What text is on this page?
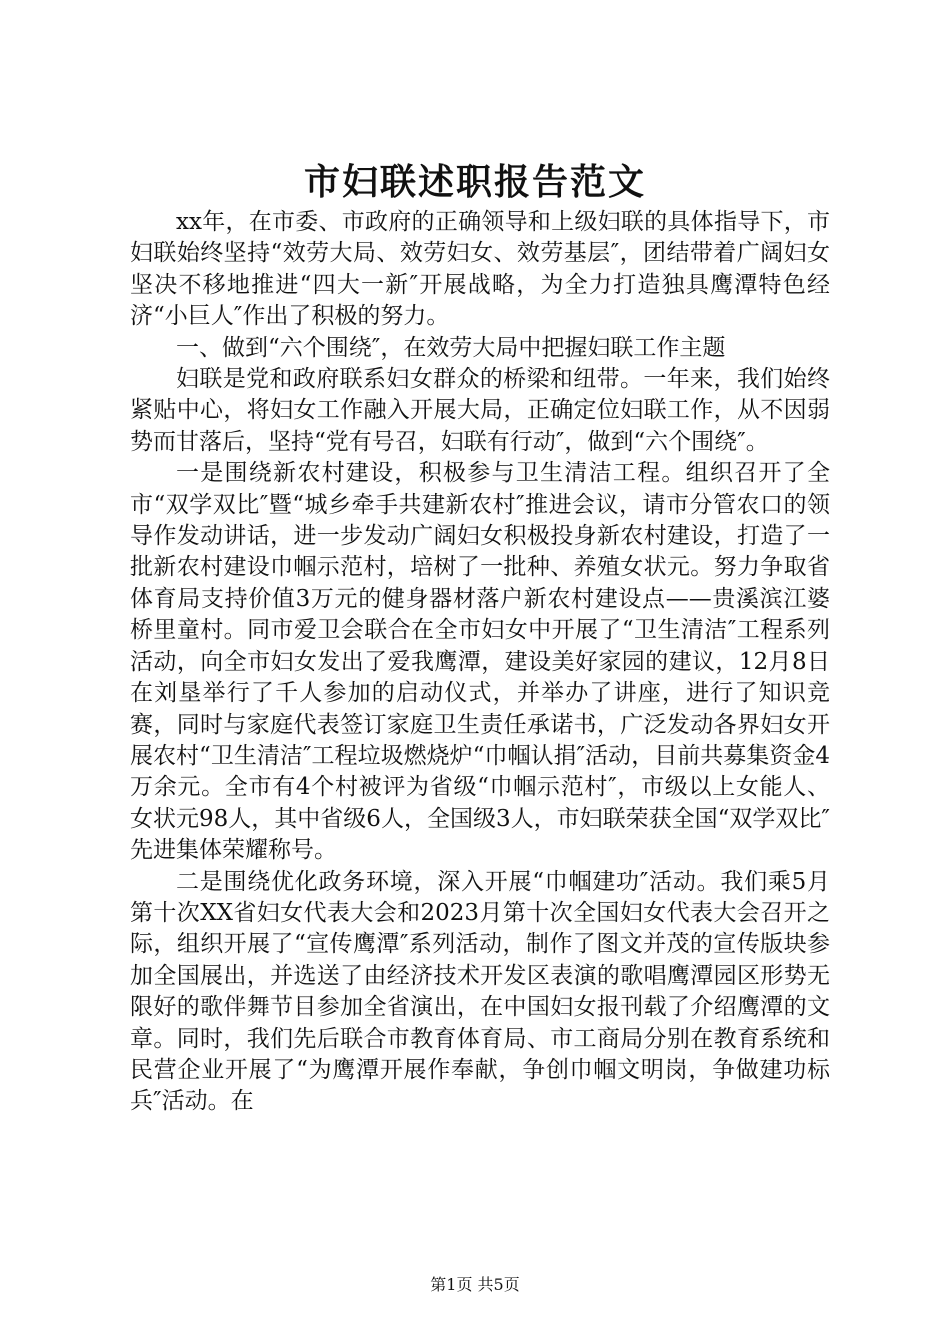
市妇联述职报告范文

xx年，在市委、市政府的正确领导和上级妇联的具体指导下，市妇联始终坚持“效劳大局、效劳妇女、效劳基层″，团结带着广阔妇女坚决不移地推进“四大一新″开展战略，为全力打造独具鹰潭特色经济“小巨人″作出了积极的努力。

一、做到“六个围绕″，在效劳大局中把握妇联工作主题

妇联是党和政府联系妇女群众的桥梁和纽带。一年来，我们始终紧贴中心，将妇女工作融入开展大局，正确定位妇联工作，从不因弱势而甘落后，坚持“党有号召，妇联有行动″，做到“六个围绕″。

一是围绕新农村建设，积极参与卫生清洁工程。组织召开了全市“双学双比″暨“城乡牵手共建新农村″推进会议，请市分管农口的领导作发动讲话，进一步发动广阔妇女积极投身新农村建设，打造了一批新农村建设巾帼示范村，培树了一批种、养殖女状元。努力争取省体育局支持价值3万元的健身器材落户新农村建设点——贵溪滨江婆桥里童村。同市爱卫会联合在全市妇女中开展了“卫生清洁″工程系列活动，向全市妇女发出了爱我鹰潭，建设美好家园的建议，12月8日在刘垦举行了千人参加的启动仪式，并举办了讲座，进行了知识竞赛，同时与家庭代表签订家庭卫生责任承诺书，广泛发动各界妇女开展农村“卫生清洁″工程垃圾燃烧炉“巾帼认捐″活动，目前共募集资金4万余元。全市有4个村被评为省级“巾帼示范村″，市级以上女能人、女状元98人，其中省级6人，全国级3人，市妇联荣获全国“双学双比″先进集体荣耀称号。

二是围绕优化政务环境，深入开展“巾帼建功″活动。我们乘5月第十次XX省妇女代表大会和2023月第十次全国妇女代表大会召开之际，组织开展了“宣传鹰潭″系列活动，制作了图文并茂的宣传版块参加全国展出，并选送了由经济技术开发区表演的歌唱鹰潭园区形势无限好的歌伴舞节目参加全省演出，在中国妇女报刊载了介绍鹰潭的文章。同时，我们先后联合市教育体育局、市工商局分别在教育系统和民营企业开展了“为鹰潭开展作奉献，争创巾帼文明岗，争做建功标兵″活动。在

第1页 共5页
